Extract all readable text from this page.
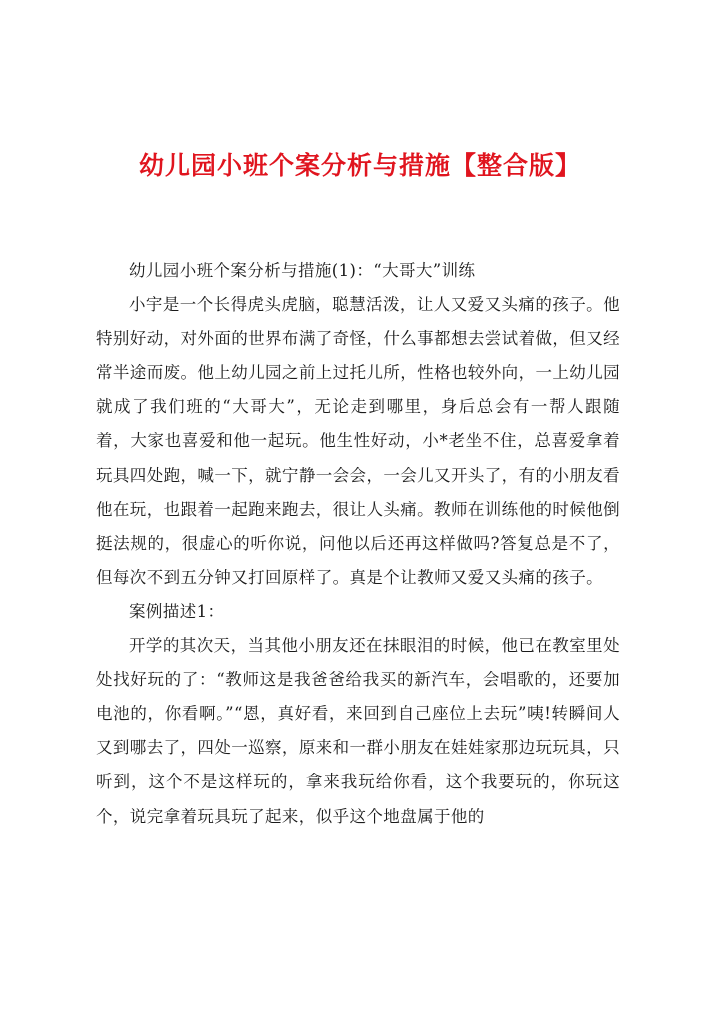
幼儿园小班个案分析与措施【整合版】

幼儿园小班个案分析与措施(1)：“大哥大”训练

小宇是一个长得虎头虎脑，聪慧活泼，让人又爱又头痛的孩子。他特别好动，对外面的世界布满了奇怪，什么事都想去尝试着做，但又经常半途而废。他上幼儿园之前上过托儿所，性格也较外向，一上幼儿园就成了我们班的“大哥大”，无论走到哪里，身后总会有一帮人跟随着，大家也喜爱和他一起玩。他生性好动，小*老坐不住，总喜爱拿着玩具四处跑，喊一下，就宁静一会会，一会儿又开头了，有的小朋友看他在玩，也跟着一起跑来跑去，很让人头痛。教师在训练他的时候他倒挺法规的，很虚心的听你说，问他以后还再这样做吗?答复总是不了，但每次不到五分钟又打回原样了。真是个让教师又爱又头痛的孩子。

案例描述1：

开学的其次天，当其他小朋友还在抹眼泪的时候，他已在教室里处处找好玩的了：“教师这是我爸爸给我买的新汽车，会唱歌的，还要加电池的，你看啊。”“恩，真好看，来回到自己座位上去玩”咦!转瞬间人又到哪去了，四处一巡察，原来和一群小朋友在娃娃家那边玩玩具，只听到，这个不是这样玩的，拿来我玩给你看，这个我要玩的，你玩这个，说完拿着玩具玩了起来，似乎这个地盘属于他的
